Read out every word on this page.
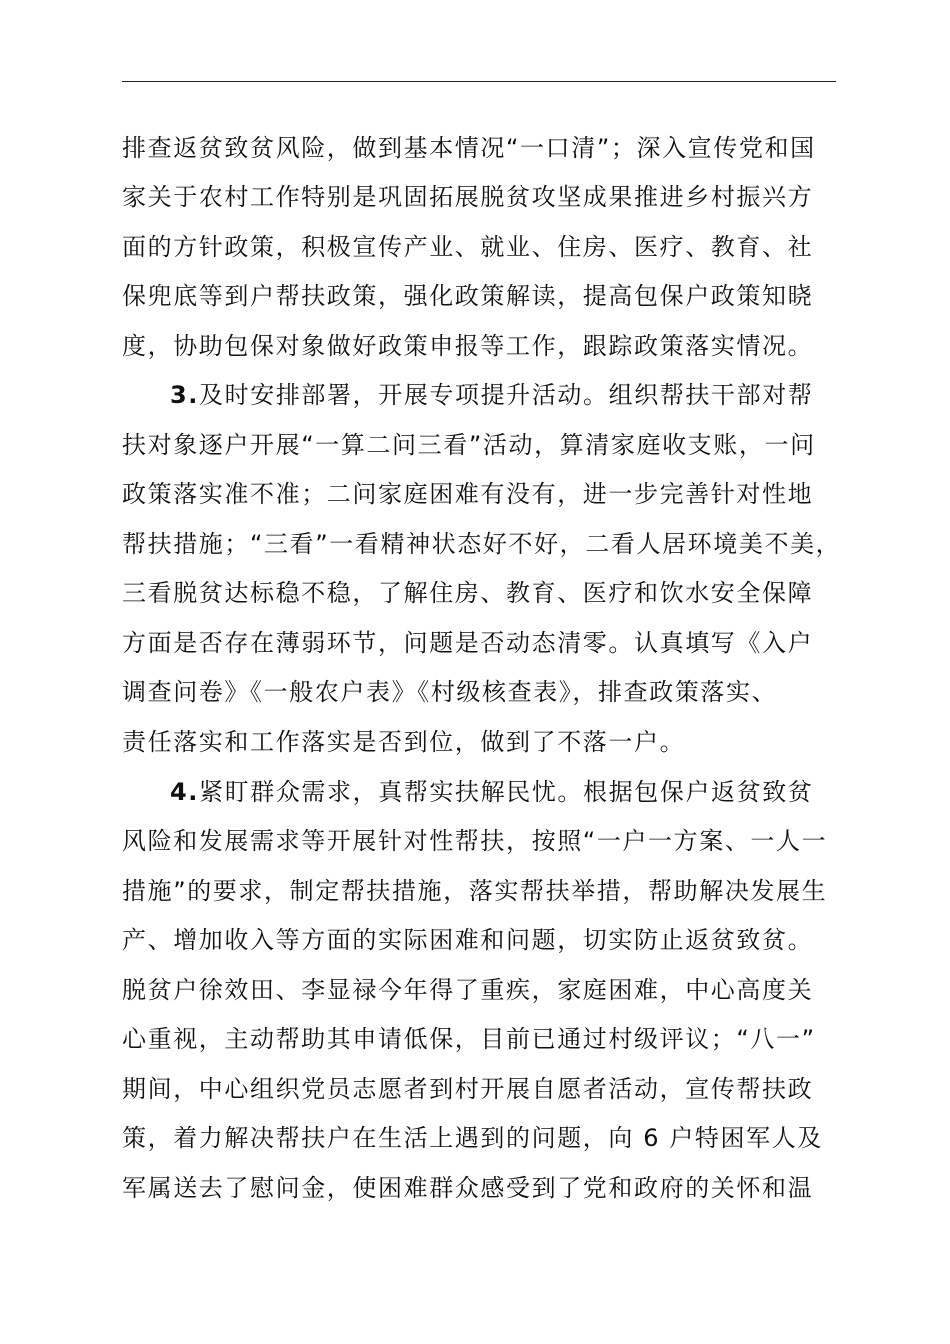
排查返贫致贫风险，做到基本情况“一口清”；深入宣传党和国
家关于农村工作特别是巩固拓展脱贫攻坚成果推进乡村振兴方
面的方针政策，积极宣传产业、就业、住房、医疗、教育、社
保兜底等到户帮扶政策，强化政策解读，提高包保户政策知晓
度，协助包保对象做好政策申报等工作，跟踪政策落实情况。
3.及时安排部署，开展专项提升活动。组织帮扶干部对帮
扶对象逐户开展“一算二问三看”活动，算清家庭收支账，一问
政策落实准不准；二问家庭困难有没有，进一步完善针对性地
帮扶措施；“三看”一看精神状态好不好，二看人居环境美不美，
三看脱贫达标稳不稳，了解住房、教育、医疗和饮水安全保障
方面是否存在薄弱环节，问题是否动态清零。认真填写《入户
调查问卷》《一般农户表》《村级核查表》，排查政策落实、
责任落实和工作落实是否到位，做到了不落一户。
4.紧盯群众需求，真帮实扶解民忧。根据包保户返贫致贫
风险和发展需求等开展针对性帮扶，按照“一户一方案、一人一
措施”的要求，制定帮扶措施，落实帮扶举措，帮助解决发展生
产、增加收入等方面的实际困难和问题，切实防止返贫致贫。
脱贫户徐效田、李显禄今年得了重疾，家庭困难，中心高度关
心重视，主动帮助其申请低保，目前已通过村级评议；“八一”
期间，中心组织党员志愿者到村开展自愿者活动，宣传帮扶政
策，着力解决帮扶户在生活上遇到的问题，向 6 户特困军人及
军属送去了慰问金，使困难群众感受到了党和政府的关怀和温
